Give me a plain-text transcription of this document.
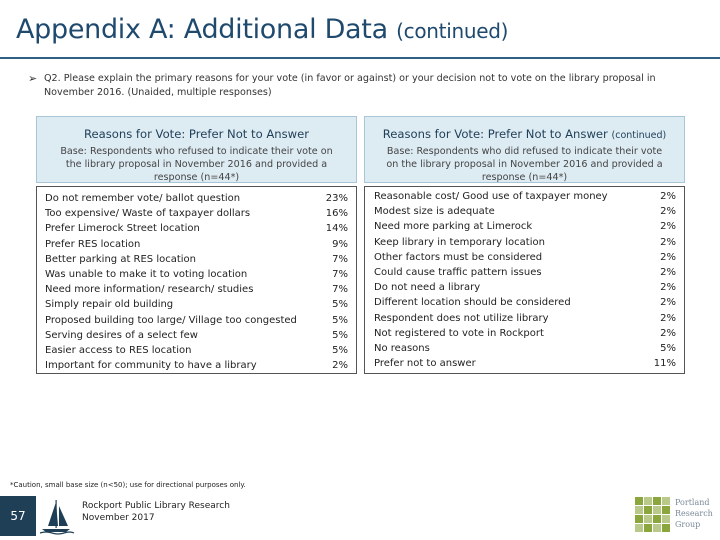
Appendix A: Additional Data (continued)
➢ Q2. Please explain the primary reasons for your vote (in favor or against) or your decision not to vote on the library proposal in November 2016. (Unaided, multiple responses)
Reasons for Vote: Prefer Not to Answer
Base: Respondents who refused to indicate their vote on the library proposal in November 2016 and provided a response (n=44*)
Do not remember vote/ ballot question	23%
Too expensive/ Waste of taxpayer dollars	16%
Prefer Limerock Street location	14%
Prefer RES location	9%
Better parking at RES location	7%
Was unable to make it to voting location	7%
Need more information/ research/ studies	7%
Simply repair old building	5%
Proposed building too large/ Village too congested	5%
Serving desires of a select few	5%
Easier access to RES location	5%
Important for community to have a library	2%
Reasons for Vote: Prefer Not to Answer (continued)
Base: Respondents who did refused to indicate their vote on the library proposal in November 2016 and provided a response (n=44*)
Reasonable cost/ Good use of taxpayer money	2%
Modest size is adequate	2%
Need more parking at Limerock	2%
Keep library in temporary location	2%
Other factors must be considered	2%
Could cause traffic pattern issues	2%
Do not need a library	2%
Different location should be considered	2%
Respondent does not utilize library	2%
Not registered to vote in Rockport	2%
No reasons	5%
Prefer not to answer	11%
*Caution, small base size (n<50); use for directional purposes only.
57
Rockport Public Library Research
November 2017
Portland
Research
Group
